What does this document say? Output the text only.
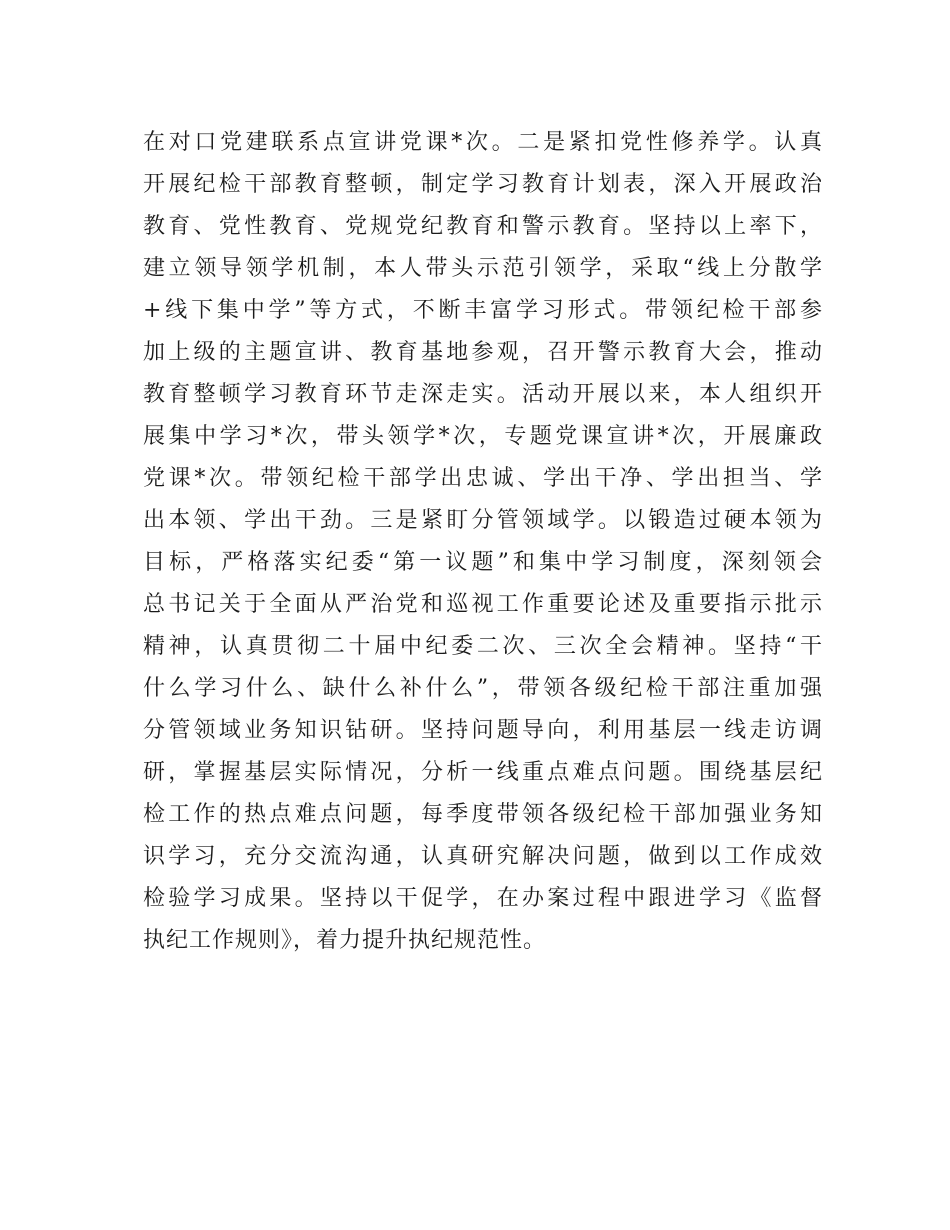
在对口党建联系点宣讲党课*次。二是紧扣党性修养学。认真
开展纪检干部教育整顿，制定学习教育计划表，深入开展政治
教育、党性教育、党规党纪教育和警示教育。坚持以上率下，
建立领导领学机制，本人带头示范引领学，采取“线上分散学
+线下集中学”等方式，不断丰富学习形式。带领纪检干部参
加上级的主题宣讲、教育基地参观，召开警示教育大会，推动
教育整顿学习教育环节走深走实。活动开展以来，本人组织开
展集中学习*次，带头领学*次，专题党课宣讲*次，开展廉政
党课*次。带领纪检干部学出忠诚、学出干净、学出担当、学
出本领、学出干劲。三是紧盯分管领域学。以锻造过硬本领为
目标，严格落实纪委“第一议题”和集中学习制度，深刻领会
总书记关于全面从严治党和巡视工作重要论述及重要指示批示
精神，认真贯彻二十届中纪委二次、三次全会精神。坚持“干
什么学习什么、缺什么补什么”，带领各级纪检干部注重加强
分管领域业务知识钻研。坚持问题导向，利用基层一线走访调
研，掌握基层实际情况，分析一线重点难点问题。围绕基层纪
检工作的热点难点问题，每季度带领各级纪检干部加强业务知
识学习，充分交流沟通，认真研究解决问题，做到以工作成效
检验学习成果。坚持以干促学，在办案过程中跟进学习《监督
执纪工作规则》，着力提升执纪规范性。
